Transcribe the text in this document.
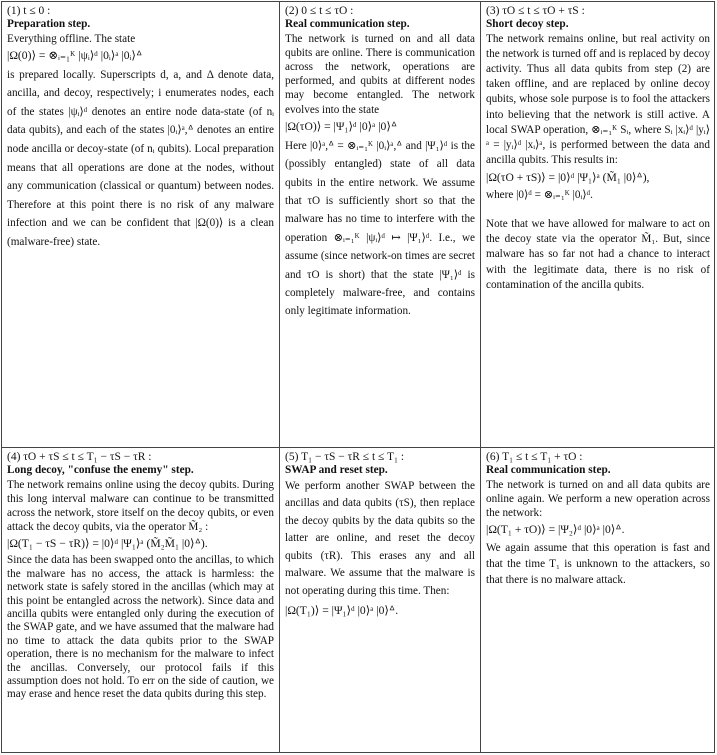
(1) t ≤ 0 :
Preparation step.

Everything offline. The state

|Ω(0)⟩ = ⊗ᵢ₌₁ᴷ |ψᵢ⟩ᵈ |0ᵢ⟩ᵃ |0ᵢ⟩ᐞ

is prepared locally. Superscripts d, a, and Δ denote data, ancilla, and decoy, respectively; i enumerates nodes, each of the states |ψᵢ⟩ᵈ denotes an entire node data-state (of nᵢ data qubits), and each of the states |0ᵢ⟩ᵃ,ᐞ denotes an entire node ancilla or decoy-state (of nᵢ qubits). Local preparation means that all operations are done at the nodes, without any communication (classical or quantum) between nodes. Therefore at this point there is no risk of any malware infection and we can be confident that |Ω(0)⟩ is a clean (malware-free) state.

(2) 0 ≤ t ≤ τO :
Real communication step.

The network is turned on and all data qubits are online. There is communication across the network, operations are performed, and qubits at different nodes may become entangled. The network evolves into the state

|Ω(τO)⟩ = |Ψ₁⟩ᵈ |0⟩ᵃ |0⟩ᐞ

Here |0⟩ᵃ,ᐞ = ⊗ᵢ₌₁ᴷ |0ᵢ⟩ᵃ,ᐞ and |Ψ₁⟩ᵈ is the (possibly entangled) state of all data qubits in the entire network. We assume that τO is sufficiently short so that the malware has no time to interfere with the operation ⊗ᵢ₌₁ᴷ |ψᵢ⟩ᵈ ↦ |Ψ₁⟩ᵈ. I.e., we assume (since network-on times are secret and τO is short) that the state |Ψ₁⟩ᵈ is completely malware-free, and contains only legitimate information.

(3) τO ≤ t ≤ τO + τS :
Short decoy step.

The network remains online, but real activity on the network is turned off and is replaced by decoy activity. Thus all data qubits from step (2) are taken offline, and are replaced by online decoy qubits, whose sole purpose is to fool the attackers into believing that the network is still active. A local SWAP operation, ⊗ᵢ₌₁ᴷ Sᵢ, where Sᵢ |xᵢ⟩ᵈ |yᵢ⟩ᵃ = |yᵢ⟩ᵈ |xᵢ⟩ᵃ, is performed between the data and ancilla qubits. This results in:

|Ω(τO + τS)⟩ = |0⟩ᵈ |Ψ₁⟩ᵃ (M̃₁ |0⟩ᐞ),

where |0⟩ᵈ = ⊗ᵢ₌₁ᴷ |0ᵢ⟩ᵈ.

Note that we have allowed for malware to act on the decoy state via the operator M̃₁. But, since malware has so far not had a chance to interact with the legitimate data, there is no risk of contamination of the ancilla qubits.

(4) τO + τS ≤ t ≤ T₁ − τS − τR :
Long decoy, "confuse the enemy" step.

The network remains online using the decoy qubits. During this long interval malware can continue to be transmitted across the network, store itself on the decoy qubits, or even attack the decoy qubits, via the operator M̃₂ :

|Ω(T₁ − τS − τR)⟩ = |0⟩ᵈ |Ψ₁⟩ᵃ (M̃₂M̃₁ |0⟩ᐞ).

Since the data has been swapped onto the ancillas, to which the malware has no access, the attack is harmless: the network state is safely stored in the ancillas (which may at this point be entangled across the network). Since data and ancilla qubits were entangled only during the execution of the SWAP gate, and we have assumed that the malware had no time to attack the data qubits prior to the SWAP operation, there is no mechanism for the malware to infect the ancillas. Conversely, our protocol fails if this assumption does not hold. To err on the side of caution, we may erase and hence reset the data qubits during this step.

(5) T₁ − τS − τR ≤ t ≤ T₁ :
SWAP and reset step.

We perform another SWAP between the ancillas and data qubits (τS), then replace the decoy qubits by the data qubits so the latter are online, and reset the decoy qubits (τR). This erases any and all malware. We assume that the malware is not operating during this time. Then:

|Ω(T₁)⟩ = |Ψ₁⟩ᵈ |0⟩ᵃ |0⟩ᐞ.
(6) T₁ ≤ t ≤ T₁ + τO :
Real communication step.

The network is turned on and all data qubits are online again. We perform a new operation across the network:

|Ω(T₁ + τO)⟩ = |Ψ₂⟩ᵈ |0⟩ᵃ |0⟩ᐞ.

We again assume that this operation is fast and that the time T₁ is unknown to the attackers, so that there is no malware attack.
